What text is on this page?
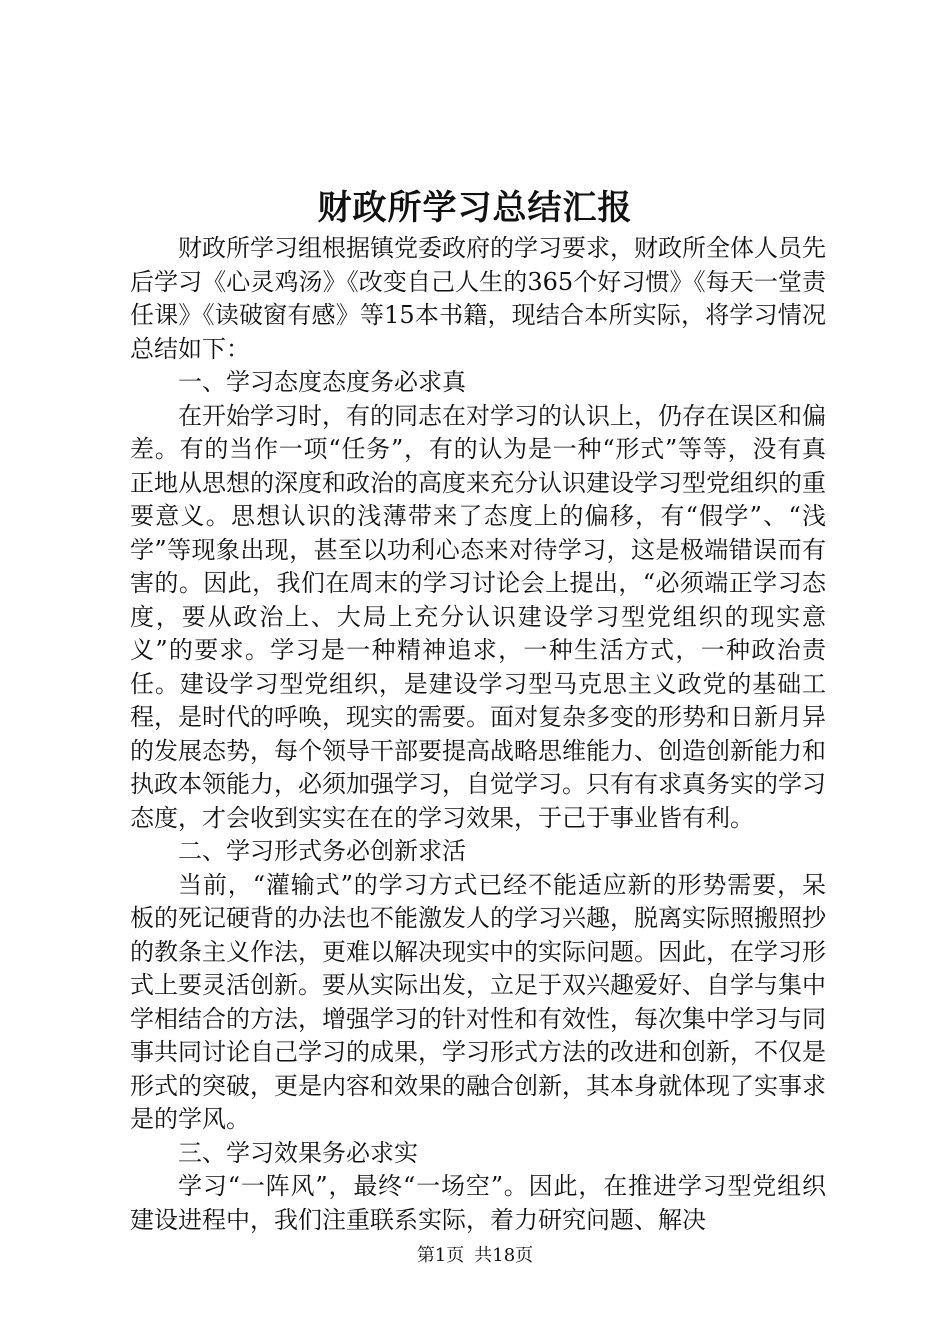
财政所学习总结汇报

财政所学习组根据镇党委政府的学习要求，财政所全体人员先后学习《心灵鸡汤》《改变自己人生的365个好习惯》《每天一堂责任课》《读破窗有感》等15本书籍，现结合本所实际，将学习情况总结如下：

一、学习态度态度务必求真

在开始学习时，有的同志在对学习的认识上，仍存在误区和偏差。有的当作一项“任务”，有的认为是一种“形式”等等，没有真正地从思想的深度和政治的高度来充分认识建设学习型党组织的重要意义。思想认识的浅薄带来了态度上的偏移，有“假学”、“浅学”等现象出现，甚至以功利心态来对待学习，这是极端错误而有害的。因此，我们在周末的学习讨论会上提出，“必须端正学习态度，要从政治上、大局上充分认识建设学习型党组织的现实意义”的要求。学习是一种精神追求，一种生活方式，一种政治责任。建设学习型党组织，是建设学习型马克思主义政党的基础工程，是时代的呼唤，现实的需要。面对复杂多变的形势和日新月异的发展态势，每个领导干部要提高战略思维能力、创造创新能力和执政本领能力，必须加强学习，自觉学习。只有有求真务实的学习态度，才会收到实实在在的学习效果，于己于事业皆有利。

二、学习形式务必创新求活

当前，“灌输式”的学习方式已经不能适应新的形势需要，呆板的死记硬背的办法也不能激发人的学习兴趣，脱离实际照搬照抄的教条主义作法，更难以解决现实中的实际问题。因此，在学习形式上要灵活创新。要从实际出发，立足于双兴趣爱好、自学与集中学相结合的方法，增强学习的针对性和有效性，每次集中学习与同事共同讨论自己学习的成果，学习形式方法的改进和创新，不仅是形式的突破，更是内容和效果的融合创新，其本身就体现了实事求是的学风。

三、学习效果务必求实

学习“一阵风”，最终“一场空”。因此，在推进学习型党组织建设进程中，我们注重联系实际，着力研究问题、解决

第1页 共18页
